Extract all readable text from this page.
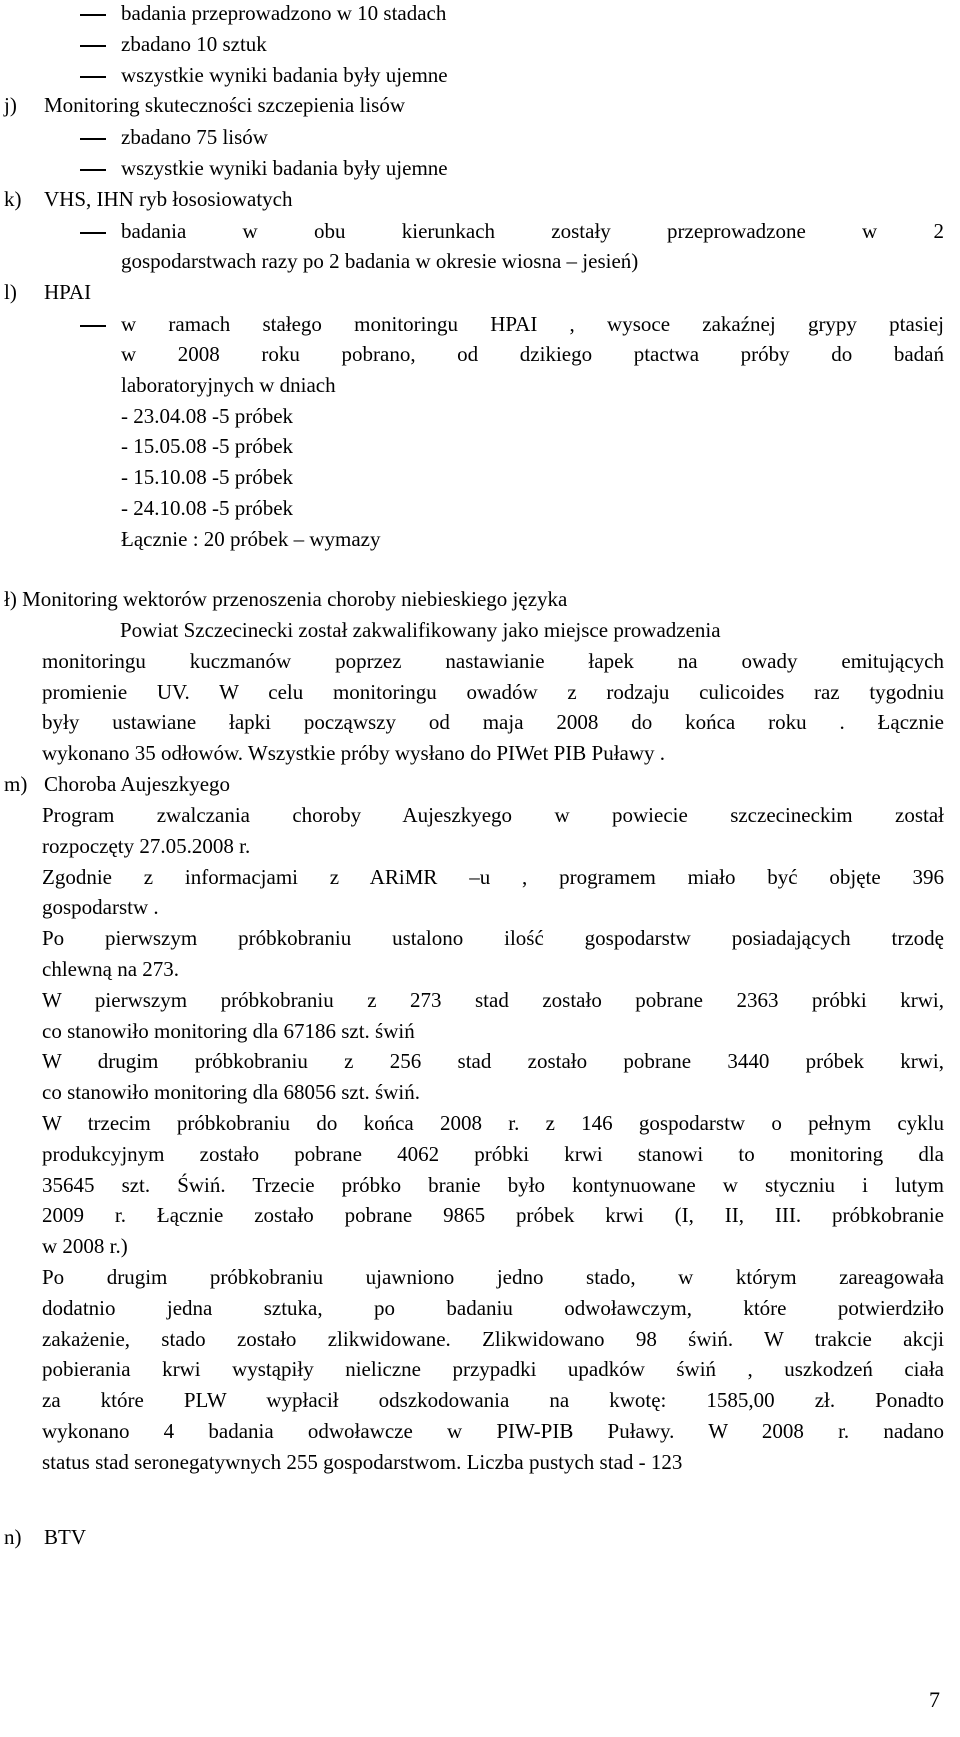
badania przeprowadzono w 10 stadach
zbadano 10 sztuk
wszystkie wyniki badania były ujemne
j) Monitoring skuteczności szczepienia lisów
zbadano 75 lisów
wszystkie wyniki badania były ujemne
k) VHS, IHN ryb łososiowatych
badania w obu kierunkach zostały przeprowadzone w 2
gospodarstwach razy po 2 badania w okresie wiosna – jesień)
l) HPAI
w ramach stałego monitoringu HPAI , wysoce zakaźnej grypy ptasiej
w 2008 roku pobrano, od dzikiego ptactwa próby do badań
laboratoryjnych w dniach
- 23.04.08 -5 próbek
- 15.05.08 -5 próbek
- 15.10.08 -5 próbek
- 24.10.08 -5 próbek
Łącznie : 20 próbek – wymazy
ł) Monitoring wektorów przenoszenia choroby niebieskiego języka
Powiat Szczecinecki został zakwalifikowany jako miejsce prowadzenia
monitoringu kuczmanów poprzez nastawianie łapek na owady emitujących
promienie UV. W celu monitoringu owadów z rodzaju culicoides raz tygodniu
były ustawiane łapki począwszy od maja 2008 do końca roku . Łącznie
wykonano 35 odłowów. Wszystkie próby wysłano do PIWet PIB Puławy .
m) Choroba Aujeszkyego
Program zwalczania choroby Aujeszkyego w powiecie szczecineckim został
rozpoczęty 27.05.2008 r.
Zgodnie z informacjami z ARiMR –u , programem miało być objęte 396
gospodarstw .
Po pierwszym próbkobraniu ustalono ilość gospodarstw posiadających trzodę
chlewną na 273.
W pierwszym próbkobraniu z 273 stad zostało pobrane 2363 próbki krwi,
co stanowiło monitoring dla 67186 szt. świń
W drugim próbkobraniu z 256 stad zostało pobrane 3440 próbek krwi,
co stanowiło monitoring dla 68056 szt. świń.
W trzecim próbkobraniu do końca 2008 r. z 146 gospodarstw o pełnym cyklu
produkcyjnym zostało pobrane 4062 próbki krwi stanowi to monitoring dla
35645 szt. Świń. Trzecie próbko branie było kontynuowane w styczniu i lutym
2009 r. Łącznie zostało pobrane 9865 próbek krwi (I, II, III. próbkobranie
w 2008 r.)
Po drugim próbkobraniu ujawniono jedno stado, w którym zareagowała
dodatnio jedna sztuka, po badaniu odwoławczym, które potwierdziło
zakażenie, stado zostało zlikwidowane. Zlikwidowano 98 świń. W trakcie akcji
pobierania krwi wystąpiły nieliczne przypadki upadków świń , uszkodzeń ciała
za które PLW wypłacił odszkodowania na kwotę: 1585,00 zł. Ponadto
wykonano 4 badania odwoławcze w PIW-PIB Puławy. W 2008 r. nadano
status stad seronegatywnych 255 gospodarstwom. Liczba pustych stad - 123
n) BTV
7
